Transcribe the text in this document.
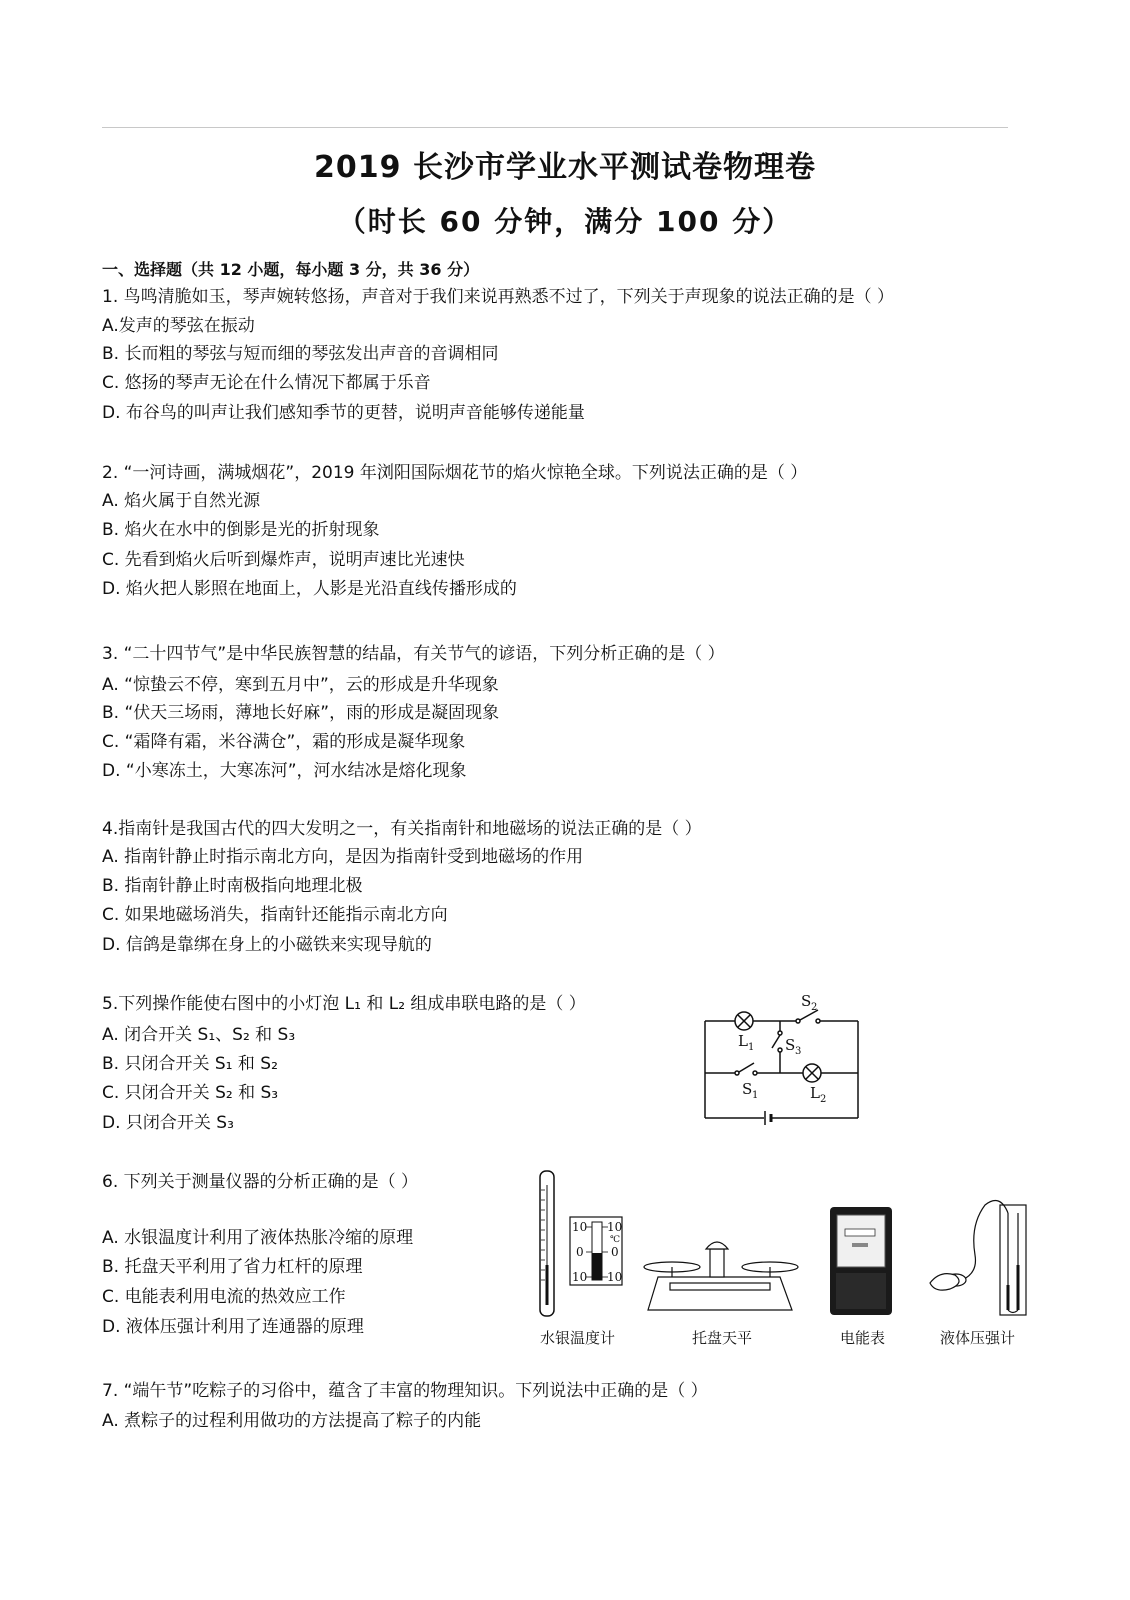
2019 长沙市学业水平测试卷物理卷
（时长 60 分钟，满分 100 分）
一、选择题（共 12 小题，每小题 3 分，共 36 分）
1. 鸟鸣清脆如玉，琴声婉转悠扬，声音对于我们来说再熟悉不过了，下列关于声现象的说法正确的是（ ）
A.发声的琴弦在振动
B. 长而粗的琴弦与短而细的琴弦发出声音的音调相同
C. 悠扬的琴声无论在什么情况下都属于乐音
D. 布谷鸟的叫声让我们感知季节的更替，说明声音能够传递能量
2. “一河诗画，满城烟花”，2019 年浏阳国际烟花节的焰火惊艳全球。下列说法正确的是（ ）
A. 焰火属于自然光源
B. 焰火在水中的倒影是光的折射现象
C. 先看到焰火后听到爆炸声，说明声速比光速快
D. 焰火把人影照在地面上，人影是光沿直线传播形成的
3. “二十四节气”是中华民族智慧的结晶，有关节气的谚语，下列分析正确的是（ ）
A. “惊蛰云不停，寒到五月中”，云的形成是升华现象
B. “伏天三场雨，薄地长好麻”，雨的形成是凝固现象
C. “霜降有霜，米谷满仓”，霜的形成是凝华现象
D. “小寒冻土，大寒冻河”，河水结冰是熔化现象
4.指南针是我国古代的四大发明之一，有关指南针和地磁场的说法正确的是（ ）
A. 指南针静止时指示南北方向，是因为指南针受到地磁场的作用
B. 指南针静止时南极指向地理北极
C. 如果地磁场消失，指南针还能指示南北方向
D. 信鸽是靠绑在身上的小磁铁来实现导航的
5.下列操作能使右图中的小灯泡 L₁ 和 L₂ 组成串联电路的是（ ）
A. 闭合开关 S₁、S₂ 和 S₃
B. 只闭合开关 S₁ 和 S₂
C. 只闭合开关 S₂ 和 S₃
D. 只闭合开关 S₃
S 2
L 1 S 3
S 1	L 2
6. 下列关于测量仪器的分析正确的是（ ）
A. 水银温度计利用了液体热胀冷缩的原理
B. 托盘天平利用了省力杠杆的原理
C. 电能表利用电流的热效应工作
D. 液体压强计利用了连通器的原理
10
0
10
10
0
10
℃
水银温度计	托盘天平	电能表	液体压强计
7. “端午节”吃粽子的习俗中，蕴含了丰富的物理知识。下列说法中正确的是（ ）
A. 煮粽子的过程利用做功的方法提高了粽子的内能
